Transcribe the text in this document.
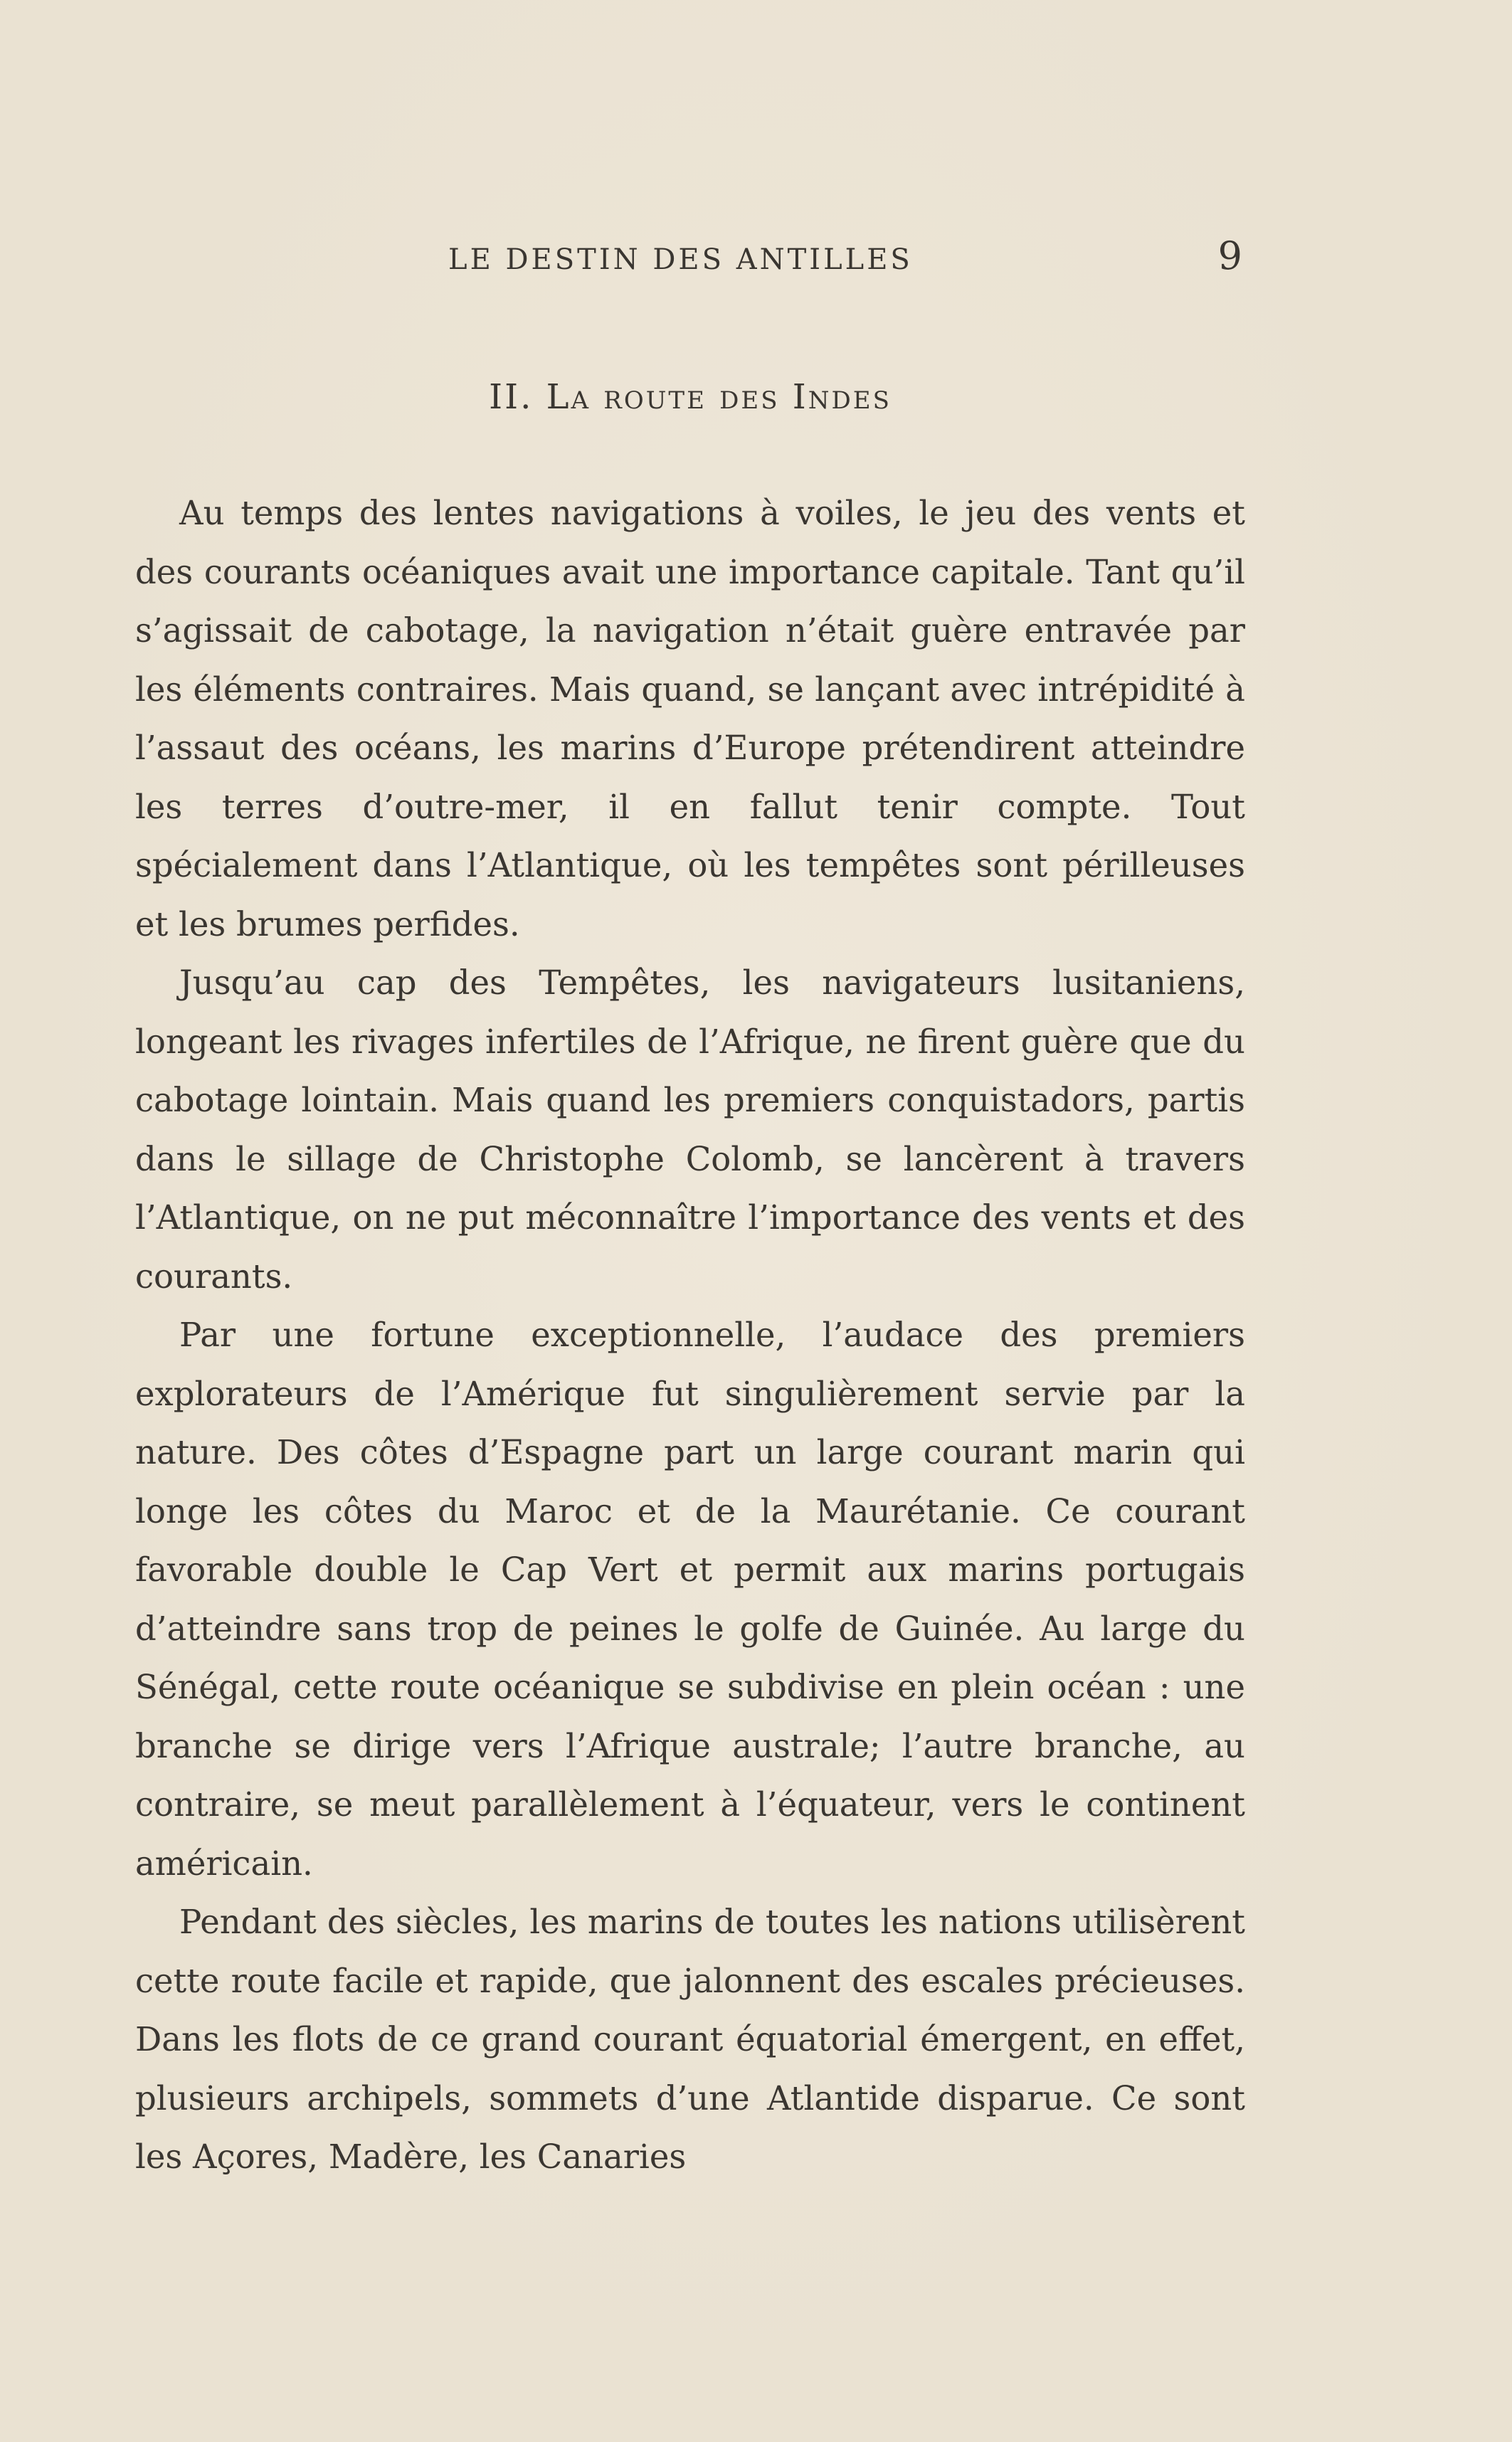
LE DESTIN DES ANTILLES	9
II. La route des Indes

Au temps des lentes navigations à voiles, le jeu des vents et des courants océaniques avait une importance capitale. Tant qu’il s’agissait de cabotage, la navigation n’était guère entravée par les éléments contraires. Mais quand, se lançant avec intrépidité à l’assaut des océans, les marins d’Europe prétendirent atteindre les terres d’outre-mer, il en fallut tenir compte. Tout spécialement dans l’Atlantique, où les tempêtes sont périlleuses et les brumes perfides.

Jusqu’au cap des Tempêtes, les navigateurs lusitaniens, longeant les rivages infertiles de l’Afrique, ne firent guère que du cabotage lointain. Mais quand les premiers conquistadors, partis dans le sillage de Christophe Colomb, se lancèrent à travers l’Atlantique, on ne put méconnaître l’importance des vents et des courants.

Par une fortune exceptionnelle, l’audace des premiers explorateurs de l’Amérique fut singulièrement servie par la nature. Des côtes d’Espagne part un large courant marin qui longe les côtes du Maroc et de la Maurétanie. Ce courant favorable double le Cap Vert et permit aux marins portugais d’atteindre sans trop de peines le golfe de Guinée. Au large du Sénégal, cette route océanique se subdivise en plein océan : une branche se dirige vers l’Afrique australe; l’autre branche, au contraire, se meut parallèlement à l’équateur, vers le continent américain.

Pendant des siècles, les marins de toutes les nations utilisèrent cette route facile et rapide, que jalonnent des escales précieuses. Dans les flots de ce grand courant équatorial émergent, en effet, plusieurs archipels, sommets d’une Atlantide disparue. Ce sont les Açores, Madère, les Canaries
